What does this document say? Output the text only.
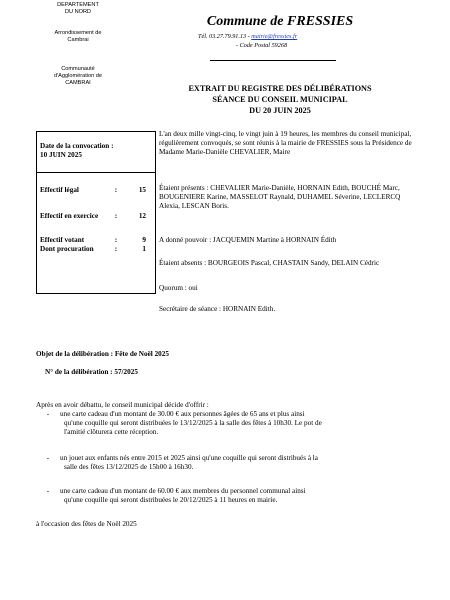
DEPARTEMENT
DU NORD
Arrondissement de
Cambrai
Communauté
d'Agglomération de
CAMBRAI
Commune de FRESSIES
Tél. 03.27.79.91.13 - mairie@fressies.fr
- Code Postal 59268
EXTRAIT DU REGISTRE DES DÉLIBÉRATIONS
SÉANCE DU CONSEIL MUNICIPAL
DU 20 JUIN 2025
Date de la convocation :
10 JUIN 2025
Effectif légal	:	15
Effectif en exercice	:	12
Effectif votant	:	9
Dont procuration	:	1
L'an deux mille vingt-cinq, le vingt juin à 19 heures, les membres du conseil municipal, régulièrement convoqués, se sont réunis à la mairie de FRESSIES sous la Présidence de Madame Marie-Danièle CHEVALIER, Maire
Étaient présents : CHEVALIER Marie-Danièle, HORNAIN Edith, BOUCHÉ Marc, BOUGENIERE Karine, MASSELOT Raynald, DUHAMEL Séverine, LECLERCQ Alexia, LESCAN Boris.
A donné pouvoir : JACQUEMIN Martine à HORNAIN Édith
Étaient absents : BOURGEOIS Pascal, CHASTAIN Sandy, DELAIN Cédric
Quorum : oui
Secrétaire de séance : HORNAIN Edith.
Objet de la délibération : Fête de Noël 2025
N° de la délibération : 57/2025
Après en avoir débattu, le conseil municipal décide d'offrir :
- une carte cadeau d'un montant de 30.00 € aux personnes âgées de 65 ans et plus ainsi
qu'une coquille qui seront distribuées le 13/12/2025 à la salle des fêtes à 10h30. Le pot de
l'amitié clôturera cette réception.
- un jouet aux enfants nés entre 2015 et 2025 ainsi qu'une coquille qui seront distribués à la
salle des fêtes 13/12/2025 de 15h00 à 16h30.
- une carte cadeau d'un montant de 60.00 € aux membres du personnel communal ainsi
qu'une coquille qui seront distribuées le 20/12/2025 à 11 heures en mairie.
à l'occasion des fêtes de Noël 2025
